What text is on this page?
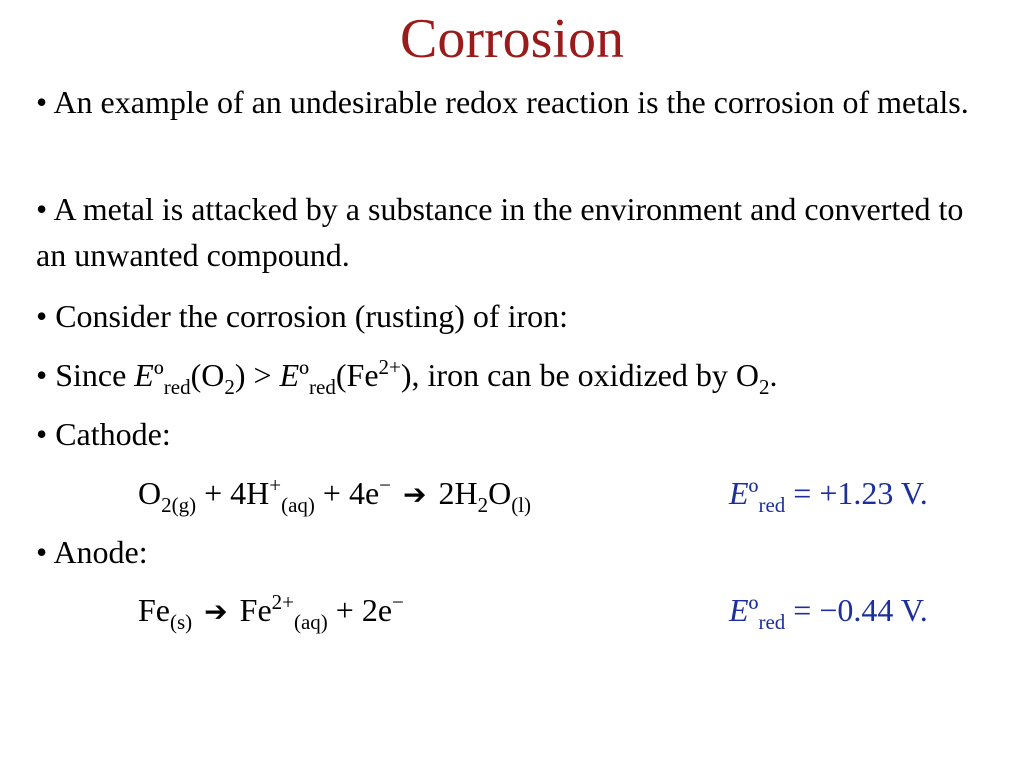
Corrosion
• An example of an undesirable redox reaction is the corrosion of metals.
• A metal is attacked by a substance in the environment and converted to an unwanted compound.
• Consider the corrosion (rusting) of iron:
• Since $Eº_{red}(O_2)$ > $Eº_{red}(Fe^{2+})$, iron can be oxidized by $O_2$.
• Cathode:
$O_{2(g)} + 4H^+_{(aq)} + 4e^-$ ➔ $2H_2O_{(l)}$	Eº$_{red}$ = +1.23 V.
• Anode:
$Fe_{(s)}$ ➔ $Fe^{2+}_{(aq)} + 2e^-$	Eº$_{red}$ = −0.44 V.
